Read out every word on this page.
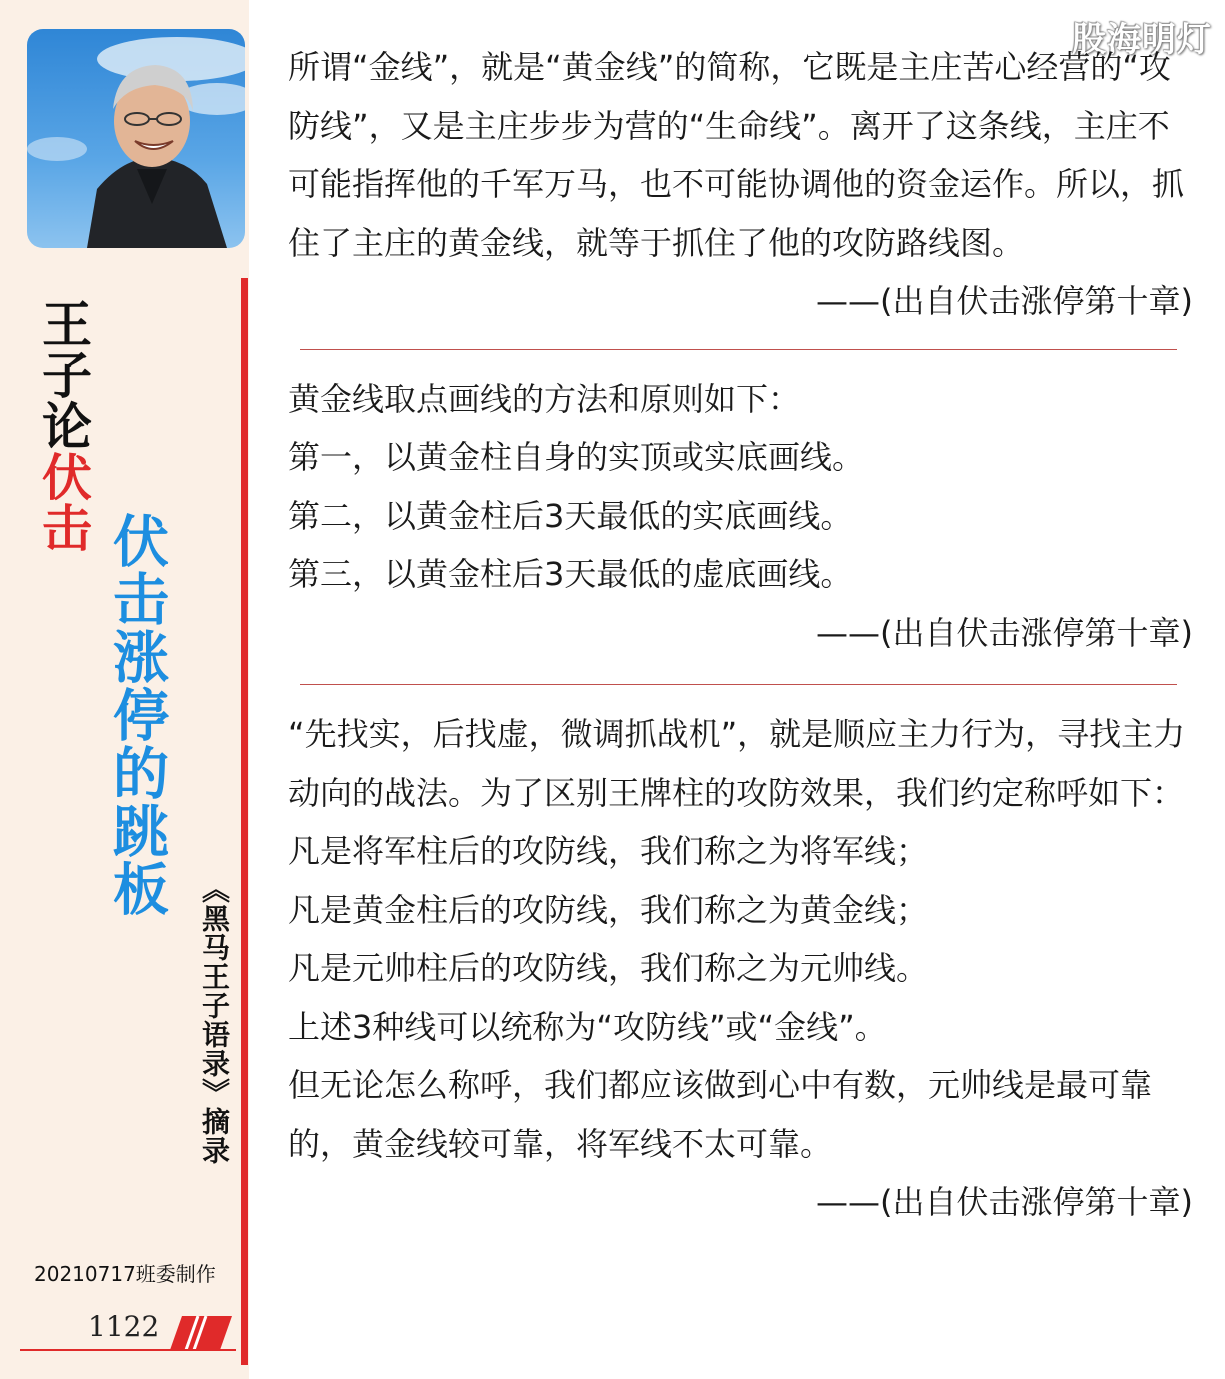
王子论伏击
伏击涨停的跳板
《黑马王子语录》摘录
20210717班委制作
1122
股海明灯

所谓“金线”，就是“黄金线”的简称，它既是主庄苦心经营的“攻防线”，又是主庄步步为营的“生命线”。离开了这条线，主庄不可能指挥他的千军万马，也不可能协调他的资金运作。所以，抓住了主庄的黄金线，就等于抓住了他的攻防路线图。

——(出自伏击涨停第十章)

黄金线取点画线的方法和原则如下：

第一，以黄金柱自身的实顶或实底画线。

第二，以黄金柱后3天最低的实底画线。

第三，以黄金柱后3天最低的虚底画线。

——(出自伏击涨停第十章)

“先找实，后找虚，微调抓战机”，就是顺应主力行为，寻找主力动向的战法。为了区别王牌柱的攻防效果，我们约定称呼如下：

凡是将军柱后的攻防线，我们称之为将军线；

凡是黄金柱后的攻防线，我们称之为黄金线；

凡是元帅柱后的攻防线，我们称之为元帅线。

上述3种线可以统称为“攻防线”或“金线”。

但无论怎么称呼，我们都应该做到心中有数，元帅线是最可靠的，黄金线较可靠，将军线不太可靠。

——(出自伏击涨停第十章)
